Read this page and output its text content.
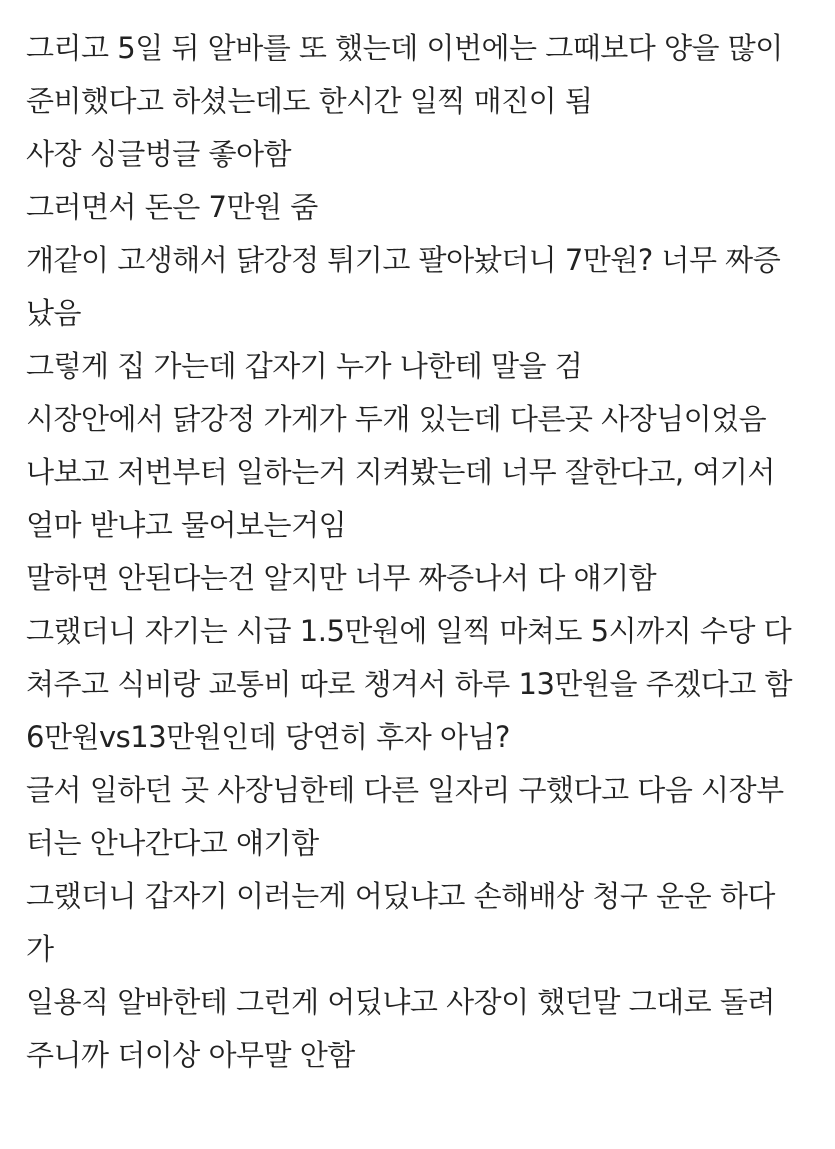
그리고 5일 뒤 알바를 또 했는데 이번에는 그때보다 양을 많이
준비했다고 하셨는데도 한시간 일찍 매진이 됨
사장 싱글벙글 좋아함
그러면서 돈은 7만원 줌
개같이 고생해서 닭강정 튀기고 팔아놨더니 7만원? 너무 짜증
났음
그렇게 집 가는데 갑자기 누가 나한테 말을 검
시장안에서 닭강정 가게가 두개 있는데 다른곳 사장님이었음
나보고 저번부터 일하는거 지켜봤는데 너무 잘한다고, 여기서
얼마 받냐고 물어보는거임
말하면 안된다는건 알지만 너무 짜증나서 다 얘기함
그랬더니 자기는 시급 1.5만원에 일찍 마쳐도 5시까지 수당 다
쳐주고 식비랑 교통비 따로 챙겨서 하루 13만원을 주겠다고 함
6만원vs13만원인데 당연히 후자 아님?
글서 일하던 곳 사장님한테 다른 일자리 구했다고 다음 시장부
터는 안나간다고 얘기함
그랬더니 갑자기 이러는게 어딨냐고 손해배상 청구 운운 하다
가
일용직 알바한테 그런게 어딨냐고 사장이 했던말 그대로 돌려
주니까 더이상 아무말 안함
